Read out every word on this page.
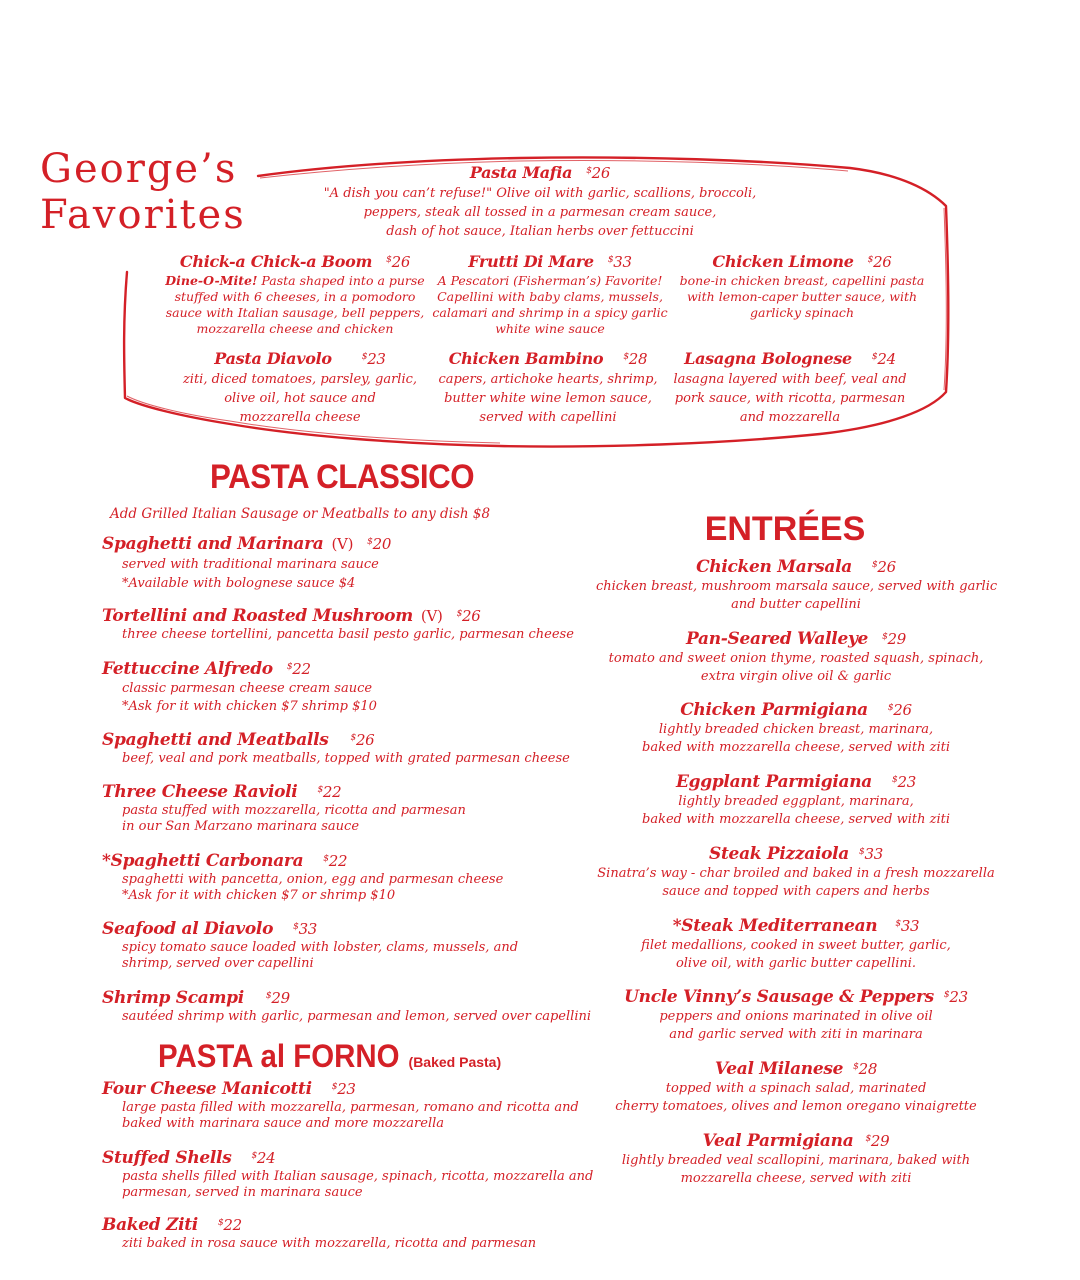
George’s
Favorites
Pasta Mafia $26
"A dish you can’t refuse!" Olive oil with garlic, scallions, broccoli,
peppers, steak all tossed in a parmesan cream sauce,
dash of hot sauce, Italian herbs over fettuccini
Chick-a Chick-a Boom $26
Dine-O-Mite! Pasta shaped into a purse
stuffed with 6 cheeses, in a pomodoro
sauce with Italian sausage, bell peppers,
mozzarella cheese and chicken
Frutti Di Mare $33
A Pescatori (Fisherman’s) Favorite!
Capellini with baby clams, mussels,
calamari and shrimp in a spicy garlic
white wine sauce
Chicken Limone $26
bone-in chicken breast, capellini pasta
with lemon-caper butter sauce, with
garlicky spinach
Pasta Diavolo	$23
ziti, diced tomatoes, parsley, garlic,
olive oil, hot sauce and
mozzarella cheese
Chicken Bambino $28
capers, artichoke hearts, shrimp,
butter white wine lemon sauce,
served with capellini
Lasagna Bolognese $24
lasagna layered with beef, veal and
pork sauce, with ricotta, parmesan
and mozzarella
PASTA CLASSICO
Add Grilled Italian Sausage or Meatballs to any dish $8
Spaghetti and Marinara (V) $20
served with traditional marinara sauce
*Available with bolognese sauce $4
Tortellini and Roasted Mushroom (V) $26
three cheese tortellini, pancetta basil pesto garlic, parmesan cheese
Fettuccine Alfredo $22
classic parmesan cheese cream sauce
*Ask for it with chicken $7 shrimp $10
Spaghetti and Meatballs $26
beef, veal and pork meatballs, topped with grated parmesan cheese
Three Cheese Ravioli $22
pasta stuffed with mozzarella, ricotta and parmesan
in our San Marzano marinara sauce
*Spaghetti Carbonara $22
spaghetti with pancetta, onion, egg and parmesan cheese
*Ask for it with chicken $7 or shrimp $10
Seafood al Diavolo $33
spicy tomato sauce loaded with lobster, clams, mussels, and
shrimp, served over capellini
Shrimp Scampi $29
sautéed shrimp with garlic, parmesan and lemon, served over capellini
PASTA al FORNO (Baked Pasta)
Four Cheese Manicotti $23
large pasta filled with mozzarella, parmesan, romano and ricotta and
baked with marinara sauce and more mozzarella
Stuffed Shells $24
pasta shells filled with Italian sausage, spinach, ricotta, mozzarella and
parmesan, served in marinara sauce
Baked Ziti $22
ziti baked in rosa sauce with mozzarella, ricotta and parmesan
ENTRÉES
Chicken Marsala $26
chicken breast, mushroom marsala sauce, served with garlic
and butter capellini
Pan-Seared Walleye $29
tomato and sweet onion thyme, roasted squash, spinach,
extra virgin olive oil & garlic
Chicken Parmigiana $26
lightly breaded chicken breast, marinara,
baked with mozzarella cheese, served with ziti
Eggplant Parmigiana $23
lightly breaded eggplant, marinara,
baked with mozzarella cheese, served with ziti
Steak Pizzaiola $33
Sinatra’s way - char broiled and baked in a fresh mozzarella
sauce and topped with capers and herbs
*Steak Mediterranean $33
filet medallions, cooked in sweet butter, garlic,
olive oil, with garlic butter capellini.
Uncle Vinny’s Sausage & Peppers $23
peppers and onions marinated in olive oil
and garlic served with ziti in marinara
Veal Milanese $28
topped with a spinach salad, marinated
cherry tomatoes, olives and lemon oregano vinaigrette
Veal Parmigiana $29
lightly breaded veal scallopini, marinara, baked with
mozzarella cheese, served with ziti
